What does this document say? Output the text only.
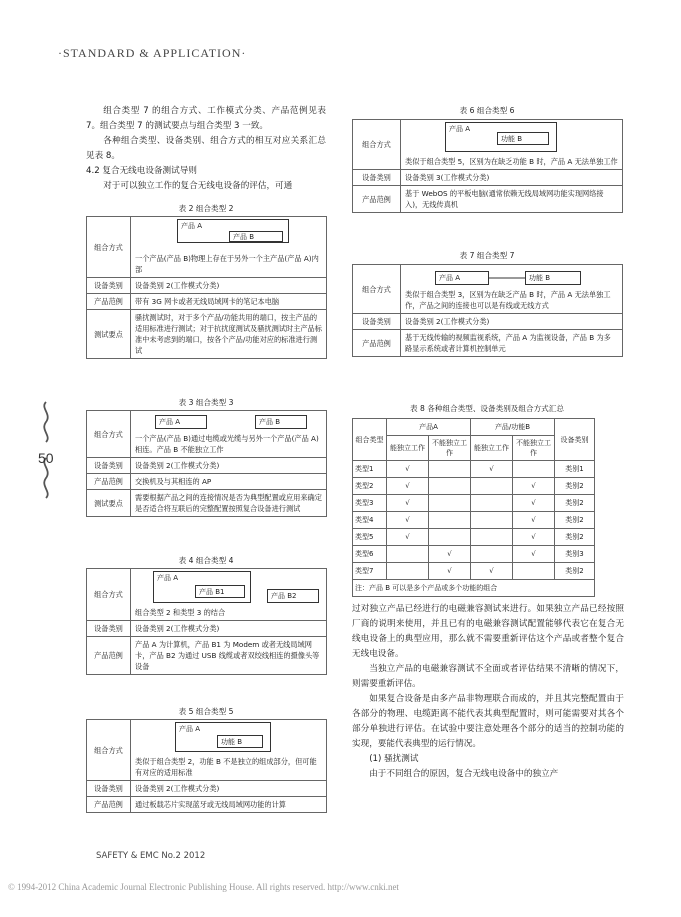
·STANDARD & APPLICATION·

组合类型 7 的组合方式、工作模式分类、产品范例见表 7。组合类型 7 的测试要点与组合类型 3 一致。

各种组合类型、设备类别、组合方式的相互对应关系汇总见表 8。

4.2 复合无线电设备测试导则

对于可以独立工作的复合无线电设备的评估，可通

表 2 组合类型 2
组合方式	产品 A
产品 B
一个产品(产品 B)物理上存在于另外一个主产品(产品 A)内部

设备类别	设备类别 2(工作模式分类)
产品范例	带有 3G 网卡或者无线局域网卡的笔记本电脑
测试要点	骚扰测试时，对于多个产品/功能共用的端口，按主产品的适用标准进行测试；对于抗扰度测试及骚扰测试时主产品标准中未考虑到的端口，按各个产品/功能对应的标准进行测试
表 3 组合类型 3
组合方式	产品 A 产品 B
一个产品(产品 B)通过电缆或光缆与另外一个产品(产品 A)相连。产品 B 不能独立工作

设备类别	设备类别 2(工作模式分类)
产品范例	交换机及与其相连的 AP
测试要点	需要根据产品之间的连接情况是否为典型配置或应用来确定是否适合将互联后的完整配置按照复合设备进行测试
表 4 组合类型 4
组合方式	产品 A
产品 B1 产品 B2
组合类型 2 和类型 3 的结合

设备类别	设备类别 2(工作模式分类)
产品范例	产品 A 为计算机，产品 B1 为 Modem 或者无线局域网卡，产品 B2 为通过 USB 线缆或者双绞线相连的摄像头等设备
表 5 组合类型 5
组合方式	产品 A
功能 B
类似于组合类型 2，功能 B 不是独立的组成部分，但可能有对应的适用标准

设备类别	设备类别 2(工作模式分类)
产品范例	通过板载芯片实现蓝牙或无线局域网功能的计算
50
表 6 组合类型 6
组合方式	产品 A
功能 B
类似于组合类型 5，区别为在缺乏功能 B 时，产品 A 无法单独工作

设备类别	设备类别 3(工作模式分类)
产品范例	基于 WebOS 的平板电脑(通常依赖无线局域网功能实现网络接入)，无线传真机
表 7 组合类型 7
组合方式	产品 A 功能 B
类似于组合类型 3，区别为在缺乏产品 B 时，产品 A 无法单独工作，产品之间的连接也可以是有线或无线方式

设备类别	设备类别 2(工作模式分类)
产品范例	基于无线传输的视频监视系统，产品 A 为监视设备，产品 B 为多路显示系统或者计算机控制单元
表 8 各种组合类型、设备类别及组合方式汇总
组合类型	产品A		产品/功能B		设备类别
	能独立工作	不能独立工作	能独立工作	不能独立工作	
类型1	√		√		类别1
类型2	√			√	类别2
类型3	√			√	类别2
类型4	√			√	类别2
类型5	√			√	类别2
类型6		√		√	类别3
类型7		√	√		类别2
注：产品 B 可以是多个产品或多个功能的组合					

过对独立产品已经进行的电磁兼容测试来进行。如果独立产品已经按照厂商的说明来使用，并且已有的电磁兼容测试配置能够代表它在复合无线电设备上的典型应用，那么就不需要重新评估这个产品或者整个复合无线电设备。

当独立产品的电磁兼容测试不全面或者评估结果不清晰的情况下，则需要重新评估。

如果复合设备是由多产品非物理联合而成的，并且其完整配置由于各部分的物理、电缆距离不能代表其典型配置时，则可能需要对其各个部分单独进行评估。在试验中要注意处理各个部分的适当的控制功能的实现，要能代表典型的运行情况。

(1) 骚扰测试

由于不同组合的原因，复合无线电设备中的独立产

SAFETY & EMC No.2 2012
© 1994-2012 China Academic Journal Electronic Publishing House. All rights reserved. http://www.cnki.net
